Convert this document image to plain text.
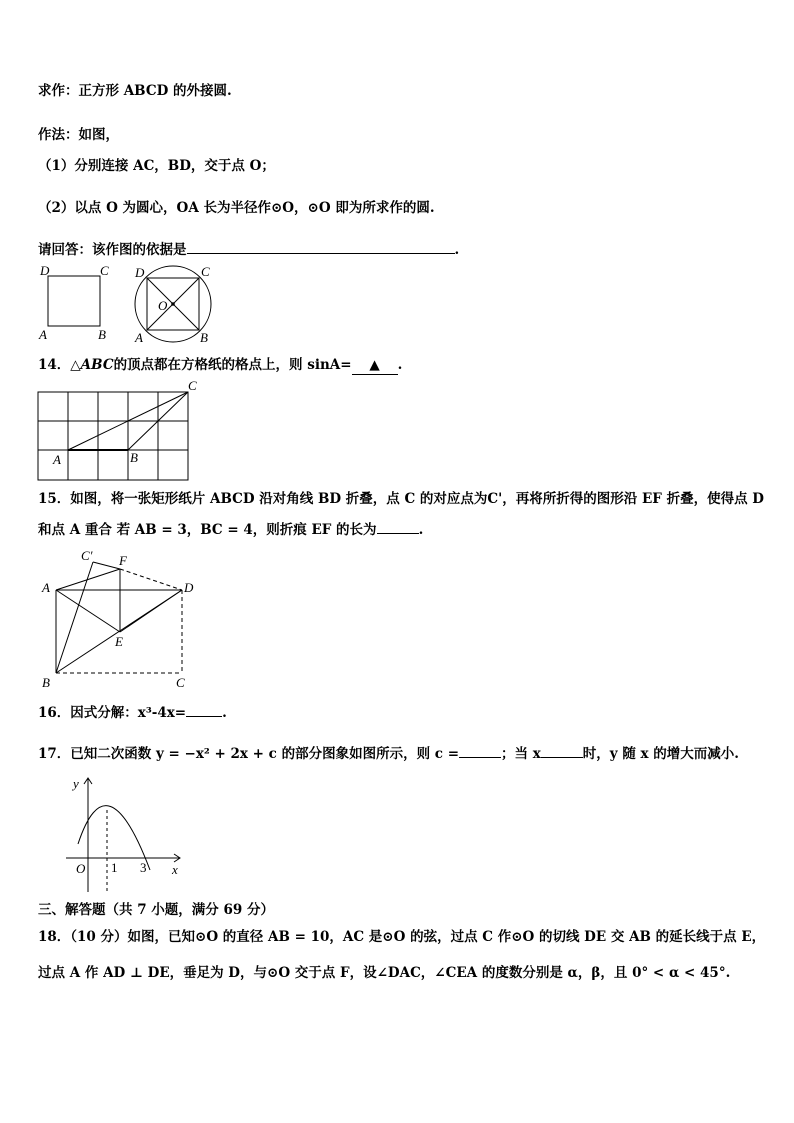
求作：正方形 ABCD 的外接圆.
作法：如图，
（1）分别连接 AC，BD，交于点 O；
（2）以点 O 为圆心，OA 长为半径作⊙O，⊙O 即为所求作的圆.
请回答：该作图的依据是	.
D	C
A	B
D	C
A	B
O
14．△ABC的顶点都在方格纸的格点上，则 sinA= ▲ .
A	B
C
15．如图，将一张矩形纸片 ABCD 沿对角线 BD 折叠，点 C 的对应点为C'，再将所折得的图形沿 EF 折叠，使得点 D
和点 A 重合 若 AB = 3，BC = 4，则折痕 EF 的长为	.
C′ F
A	D
E
B	C
16．因式分解：x³-4x=	.
17．已知二次函数 y = −x² + 2x + c 的部分图象如图所示，则 c =	；当 x	时，y 随 x 的增大而减小.
y
x
O 1 3
三、解答题（共 7 小题，满分 69 分）
18．（10 分）如图，已知⊙O 的直径 AB = 10，AC 是⊙O 的弦，过点 C 作⊙O 的切线 DE 交 AB 的延长线于点 E，
过点 A 作 AD ⊥ DE，垂足为 D，与⊙O 交于点 F，设∠DAC，∠CEA 的度数分别是 α，β，且 0° < α < 45°.
